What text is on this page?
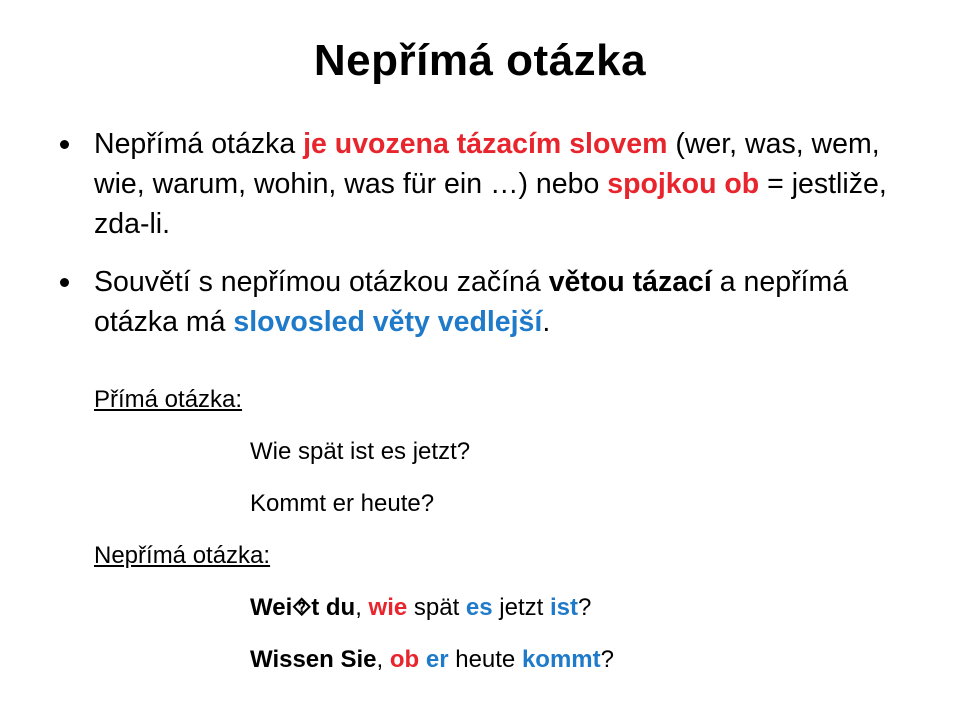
Nepřímá otázka
Nepřímá otázka je uvozena tázacím slovem (wer, was, wem, wie, warum, wohin, was für ein …) nebo spojkou ob = jestliže, zda-li.
Souvětí s nepřímou otázkou začíná větou tázací a nepřímá otázka má slovosled věty vedlejší.
Přímá otázka:
Wie spät ist es jetzt?
Kommt er heute?
Nepřímá otázka:
Wei⯑t du, wie spät es jetzt ist?
Wissen Sie, ob er heute kommt?
